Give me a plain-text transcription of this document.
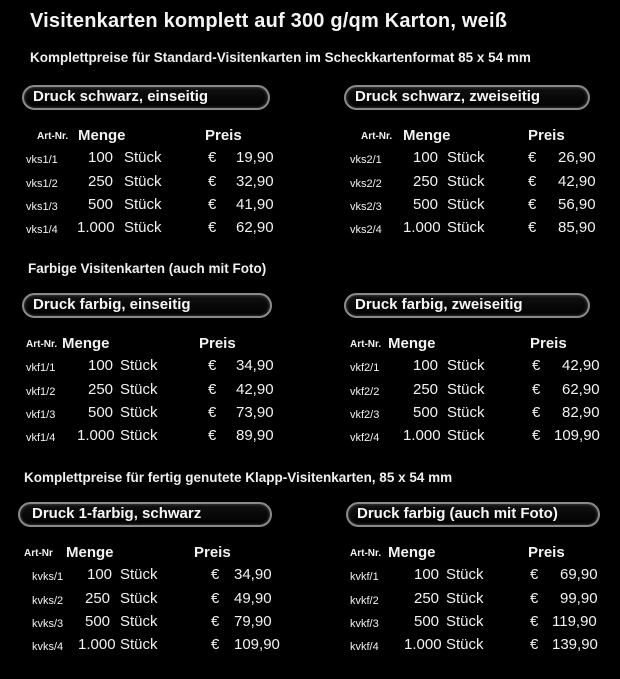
Visitenkarten komplett auf 300 g/qm Karton, weiß
Komplettpreise für Standard-Visitenkarten im Scheckkartenformat 85 x 54 mm
Farbige Visitenkarten (auch mit Foto)
Komplettpreise für fertig genutete Klapp-Visitenkarten, 85 x 54 mm
Druck schwarz, einseitig
Art-Nr. Menge	Preis
vks1/1 100 Stück	€ 19,90
vks1/2 250 Stück	€ 32,90
vks1/3 500 Stück	€ 41,90
vks1/4 1.000 Stück	€ 62,90
Druck schwarz, zweiseitig
Art-Nr. Menge	Preis
vks2/1 100 Stück	€ 26,90
vks2/2 250 Stück	€ 42,90
vks2/3 500 Stück	€ 56,90
vks2/4 1.000 Stück	€ 85,90
Druck farbig, einseitig
Art-Nr. Menge	Preis
vkf1/1 100 Stück	€ 34,90
vkf1/2 250 Stück	€ 42,90
vkf1/3 500 Stück	€ 73,90
vkf1/4 1.000 Stück	€ 89,90
Druck farbig, zweiseitig
Art-Nr. Menge	Preis
vkf2/1 100 Stück	€ 42,90
vkf2/2 250 Stück	€ 62,90
vkf2/3 500 Stück	€ 82,90
vkf2/4 1.000 Stück	€ 109,90
Druck 1-farbig, schwarz
Art-Nr Menge	Preis
kvks/1 100 Stück	€ 34,90
kvks/2 250 Stück	€ 49,90
kvks/3 500 Stück	€ 79,90
kvks/4 1.000 Stück	€ 109,90
Druck farbig (auch mit Foto)
Art-Nr. Menge	Preis
kvkf/1 100 Stück	€ 69,90
kvkf/2 250 Stück	€ 99,90
kvkf/3 500 Stück	€ 119,90
kvkf/4 1.000 Stück	€ 139,90
